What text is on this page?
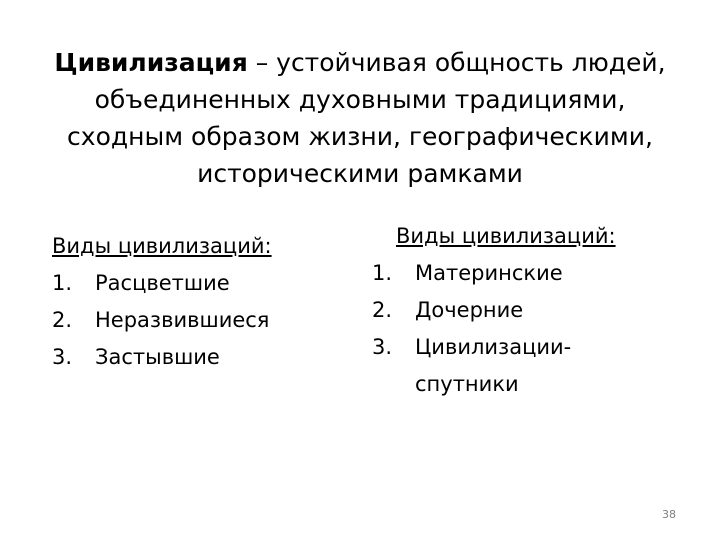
Цивилизация – устойчивая общность людей,
объединенных духовными традициями,
сходным образом жизни, географическими,
историческими рамками
Виды цивилизаций:
1.	Расцветшие
2.	Неразвившиеся
3.	Застывшие
Виды цивилизаций:
1.	Материнские
2.	Дочерние
3.	Цивилизации-спутники
38
